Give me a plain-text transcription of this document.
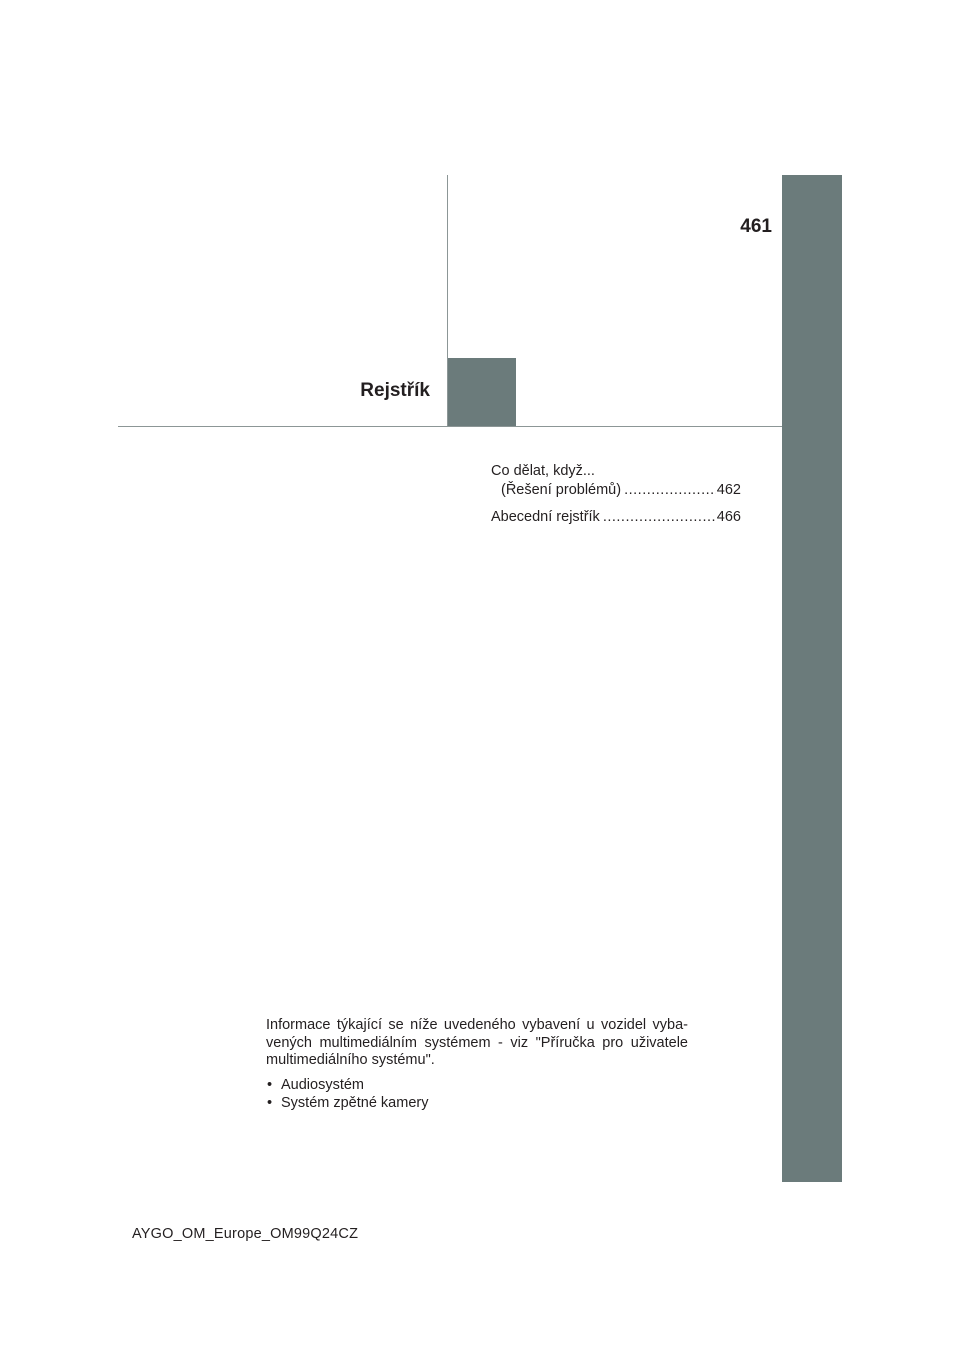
461
Rejstřík
Co dělat, když...
(Řešení problémů) .....	462
Abecední rejstřík .....	466

Informace týkající se níže uvedeného vybavení u vozidel vyba-vených multimediálním systémem - viz "Příručka pro uživatele multimediálního systému".

• Audiosystém
• Systém zpětné kamery
AYGO_OM_Europe_OM99Q24CZ
